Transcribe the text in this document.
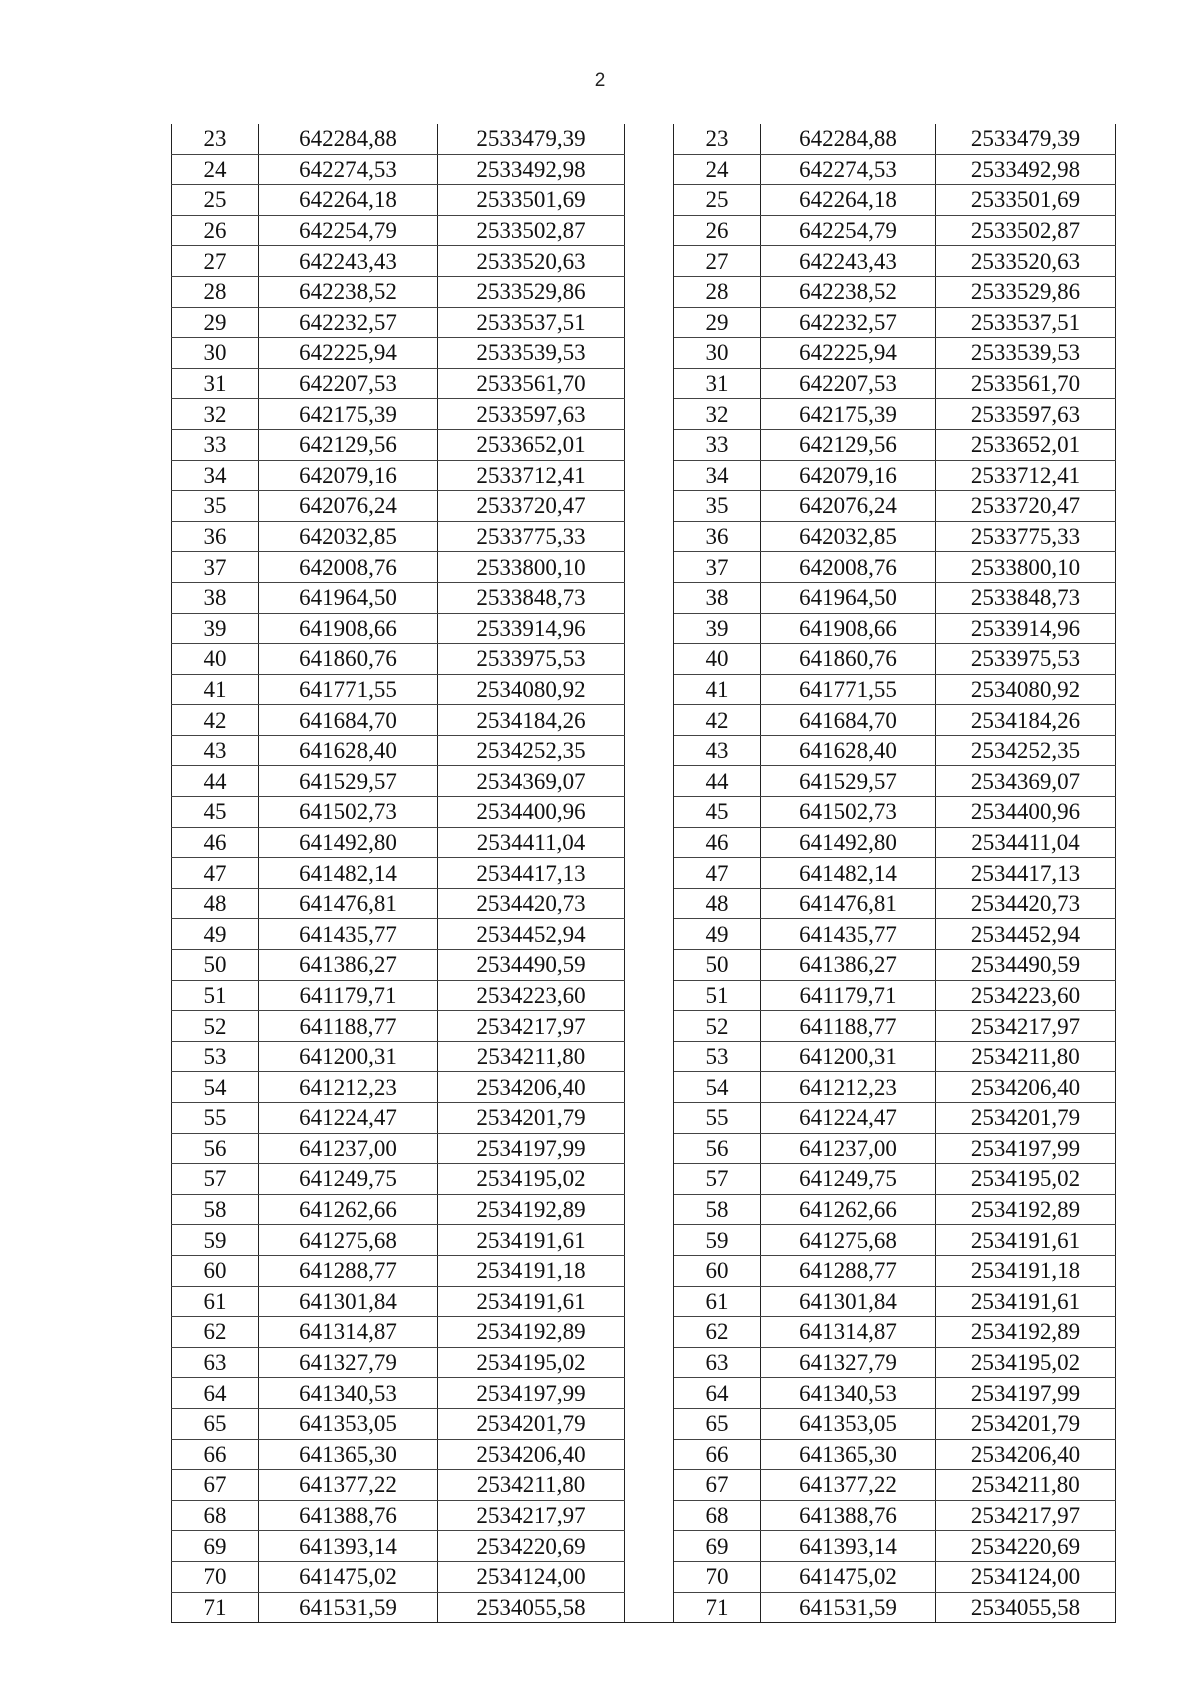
2
23	642284,88	2533479,39		23	642284,88	2533479,39
24	642274,53	2533492,98		24	642274,53	2533492,98
25	642264,18	2533501,69		25	642264,18	2533501,69
26	642254,79	2533502,87		26	642254,79	2533502,87
27	642243,43	2533520,63		27	642243,43	2533520,63
28	642238,52	2533529,86		28	642238,52	2533529,86
29	642232,57	2533537,51		29	642232,57	2533537,51
30	642225,94	2533539,53		30	642225,94	2533539,53
31	642207,53	2533561,70		31	642207,53	2533561,70
32	642175,39	2533597,63		32	642175,39	2533597,63
33	642129,56	2533652,01		33	642129,56	2533652,01
34	642079,16	2533712,41		34	642079,16	2533712,41
35	642076,24	2533720,47		35	642076,24	2533720,47
36	642032,85	2533775,33		36	642032,85	2533775,33
37	642008,76	2533800,10		37	642008,76	2533800,10
38	641964,50	2533848,73		38	641964,50	2533848,73
39	641908,66	2533914,96		39	641908,66	2533914,96
40	641860,76	2533975,53		40	641860,76	2533975,53
41	641771,55	2534080,92		41	641771,55	2534080,92
42	641684,70	2534184,26		42	641684,70	2534184,26
43	641628,40	2534252,35		43	641628,40	2534252,35
44	641529,57	2534369,07		44	641529,57	2534369,07
45	641502,73	2534400,96		45	641502,73	2534400,96
46	641492,80	2534411,04		46	641492,80	2534411,04
47	641482,14	2534417,13		47	641482,14	2534417,13
48	641476,81	2534420,73		48	641476,81	2534420,73
49	641435,77	2534452,94		49	641435,77	2534452,94
50	641386,27	2534490,59		50	641386,27	2534490,59
51	641179,71	2534223,60		51	641179,71	2534223,60
52	641188,77	2534217,97		52	641188,77	2534217,97
53	641200,31	2534211,80		53	641200,31	2534211,80
54	641212,23	2534206,40		54	641212,23	2534206,40
55	641224,47	2534201,79		55	641224,47	2534201,79
56	641237,00	2534197,99		56	641237,00	2534197,99
57	641249,75	2534195,02		57	641249,75	2534195,02
58	641262,66	2534192,89		58	641262,66	2534192,89
59	641275,68	2534191,61		59	641275,68	2534191,61
60	641288,77	2534191,18		60	641288,77	2534191,18
61	641301,84	2534191,61		61	641301,84	2534191,61
62	641314,87	2534192,89		62	641314,87	2534192,89
63	641327,79	2534195,02		63	641327,79	2534195,02
64	641340,53	2534197,99		64	641340,53	2534197,99
65	641353,05	2534201,79		65	641353,05	2534201,79
66	641365,30	2534206,40		66	641365,30	2534206,40
67	641377,22	2534211,80		67	641377,22	2534211,80
68	641388,76	2534217,97		68	641388,76	2534217,97
69	641393,14	2534220,69		69	641393,14	2534220,69
70	641475,02	2534124,00		70	641475,02	2534124,00
71	641531,59	2534055,58		71	641531,59	2534055,58
